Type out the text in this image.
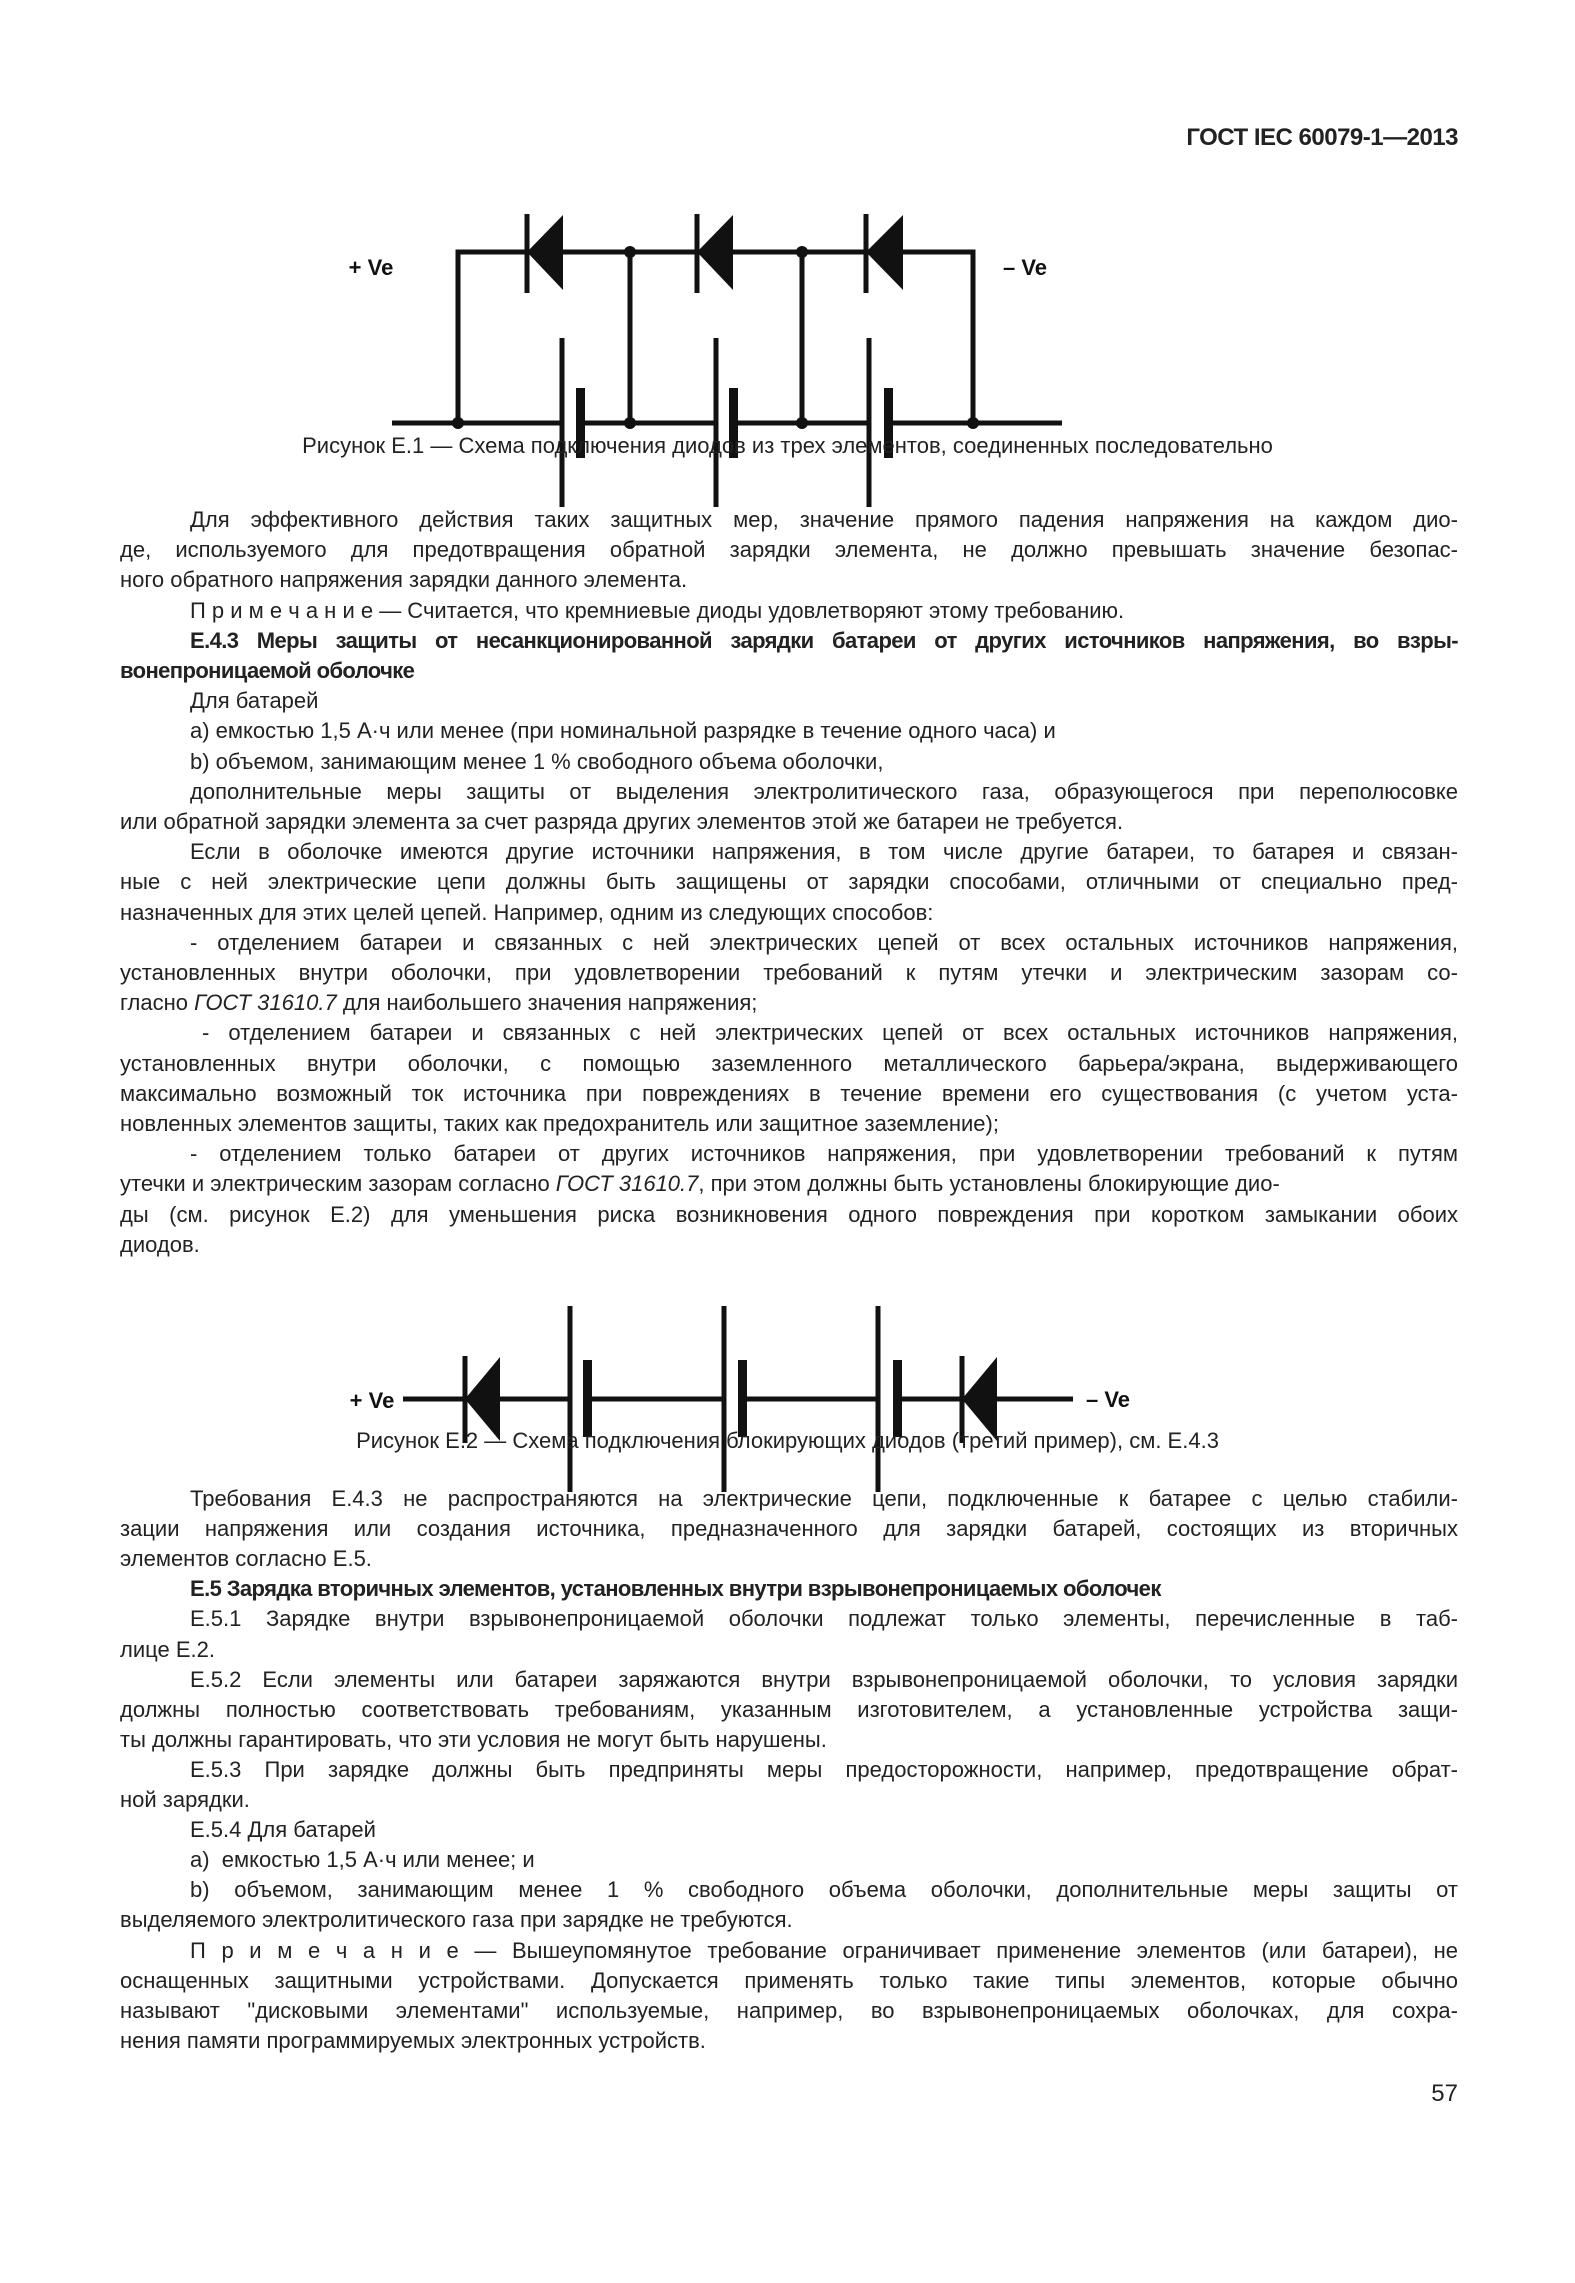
ГОСТ IEC 60079-1—2013
+ Ve	– Ve
Рисунок Е.1 — Схема подключения диодов из трех элементов, соединенных последовательно
+ Ve	– Ve
Рисунок Е.2 — Схема подключения блокирующих диодов (третий пример), см. Е.4.3
Для эффективного действия таких защитных мер, значение прямого падения напряжения на каждом дио-
де, используемого для предотвращения обратной зарядки элемента, не должно превышать значение безопас-
ного обратного напряжения зарядки данного элемента.
П р и м е ч а н и е — Считается, что кремниевые диоды удовлетворяют этому требованию.
Е.4.3 Меры защиты от несанкционированной зарядки батареи от других источников напряжения, во взры-
вонепроницаемой оболочке
Для батарей
a) емкостью 1,5 А·ч или менее (при номинальной разрядке в течение одного часа) и
b) объемом, занимающим менее 1 % свободного объема оболочки,
дополнительные меры защиты от выделения электролитического газа, образующегося при переполюсовке
или обратной зарядки элемента за счет разряда других элементов этой же батареи не требуется.
Если в оболочке имеются другие источники напряжения, в том числе другие батареи, то батарея и связан-
ные с ней электрические цепи должны быть защищены от зарядки способами, отличными от специально пред-
назначенных для этих целей цепей. Например, одним из следующих способов:
- отделением батареи и связанных с ней электрических цепей от всех остальных источников напряжения,
установленных внутри оболочки, при удовлетворении требований к путям утечки и электрическим зазорам со-
гласно ГОСТ 31610.7 для наибольшего значения напряжения;
- отделением батареи и связанных с ней электрических цепей от всех остальных источников напряжения,
установленных внутри оболочки, с помощью заземленного металлического барьера/экрана, выдерживающего
максимально возможный ток источника при повреждениях в течение времени его существования (с учетом уста-
новленных элементов защиты, таких как предохранитель или защитное заземление);
- отделением только батареи от других источников напряжения, при удовлетворении требований к путям
утечки и электрическим зазорам согласно ГОСТ 31610.7, при этом должны быть установлены блокирующие дио-
ды (см. рисунок Е.2) для уменьшения риска возникновения одного повреждения при коротком замыкании обоих
диодов.
Требования Е.4.3 не распространяются на электрические цепи, подключенные к батарее с целью стабили-
зации напряжения или создания источника, предназначенного для зарядки батарей, состоящих из вторичных
элементов согласно Е.5.
Е.5 Зарядка вторичных элементов, установленных внутри взрывонепроницаемых оболочек
Е.5.1 Зарядке внутри взрывонепроницаемой оболочки подлежат только элементы, перечисленные в таб-
лице Е.2.
Е.5.2 Если элементы или батареи заряжаются внутри взрывонепроницаемой оболочки, то условия зарядки
должны полностью соответствовать требованиям, указанным изготовителем, а установленные устройства защи-
ты должны гарантировать, что эти условия не могут быть нарушены.
Е.5.3 При зарядке должны быть предприняты меры предосторожности, например, предотвращение обрат-
ной зарядки.
Е.5.4 Для батарей
a)  емкостью 1,5 А·ч или менее; и
b) объемом, занимающим менее 1 % свободного объема оболочки, дополнительные меры защиты от
выделяемого электролитического газа при зарядке не требуются.
П р и м е ч а н и е — Вышеупомянутое требование ограничивает применение элементов (или батареи), не
оснащенных защитными устройствами. Допускается применять только такие типы элементов, которые обычно
называют "дисковыми элементами" используемые, например, во взрывонепроницаемых оболочках, для сохра-
нения памяти программируемых электронных устройств.
57
